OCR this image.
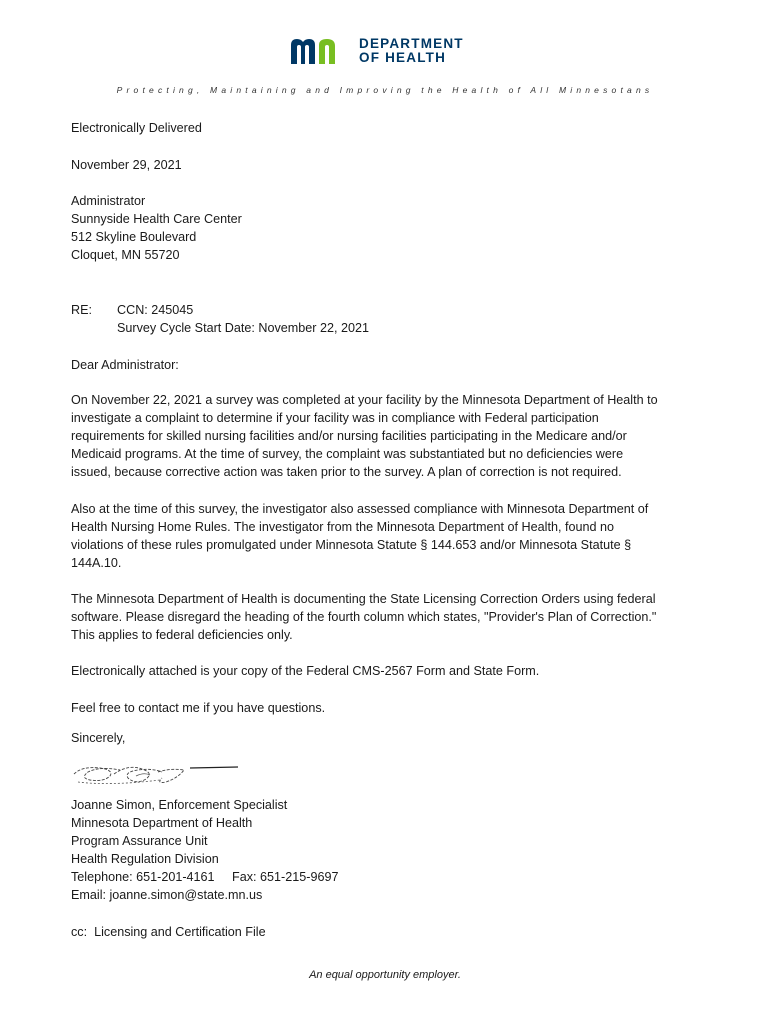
DEPARTMENT
OF HEALTH
Protecting, Maintaining and Improving the Health of All Minnesotans
Electronically Delivered
November 29, 2021
Administrator
Sunnyside Health Care Center
512 Skyline Boulevard
Cloquet, MN 55720
RE: CCN: 245045
Survey Cycle Start Date: November 22, 2021
Dear Administrator:
On November 22, 2021 a survey was completed at your facility by the Minnesota Department of Health to
investigate a complaint to determine if your facility was in compliance with Federal participation
requirements for skilled nursing facilities and/or nursing facilities participating in the Medicare and/or
Medicaid programs. At the time of survey, the complaint was substantiated but no deficiencies were
issued, because corrective action was taken prior to the survey. A plan of correction is not required.
Also at the time of this survey, the investigator also assessed compliance with Minnesota Department of
Health Nursing Home Rules. The investigator from the Minnesota Department of Health, found no
violations of these rules promulgated under Minnesota Statute § 144.653 and/or Minnesota Statute §
144A.10.
The Minnesota Department of Health is documenting the State Licensing Correction Orders using federal
software. Please disregard the heading of the fourth column which states, "Provider's Plan of Correction."
This applies to federal deficiencies only.
Electronically attached is your copy of the Federal CMS-2567 Form and State Form.
Feel free to contact me if you have questions.
Sincerely,
Joanne Simon, Enforcement Specialist
Minnesota Department of Health
Program Assurance Unit
Health Regulation Division
Telephone: 651-201-4161     Fax: 651-215-9697
Email: joanne.simon@state.mn.us
cc:  Licensing and Certification File
An equal opportunity employer.
